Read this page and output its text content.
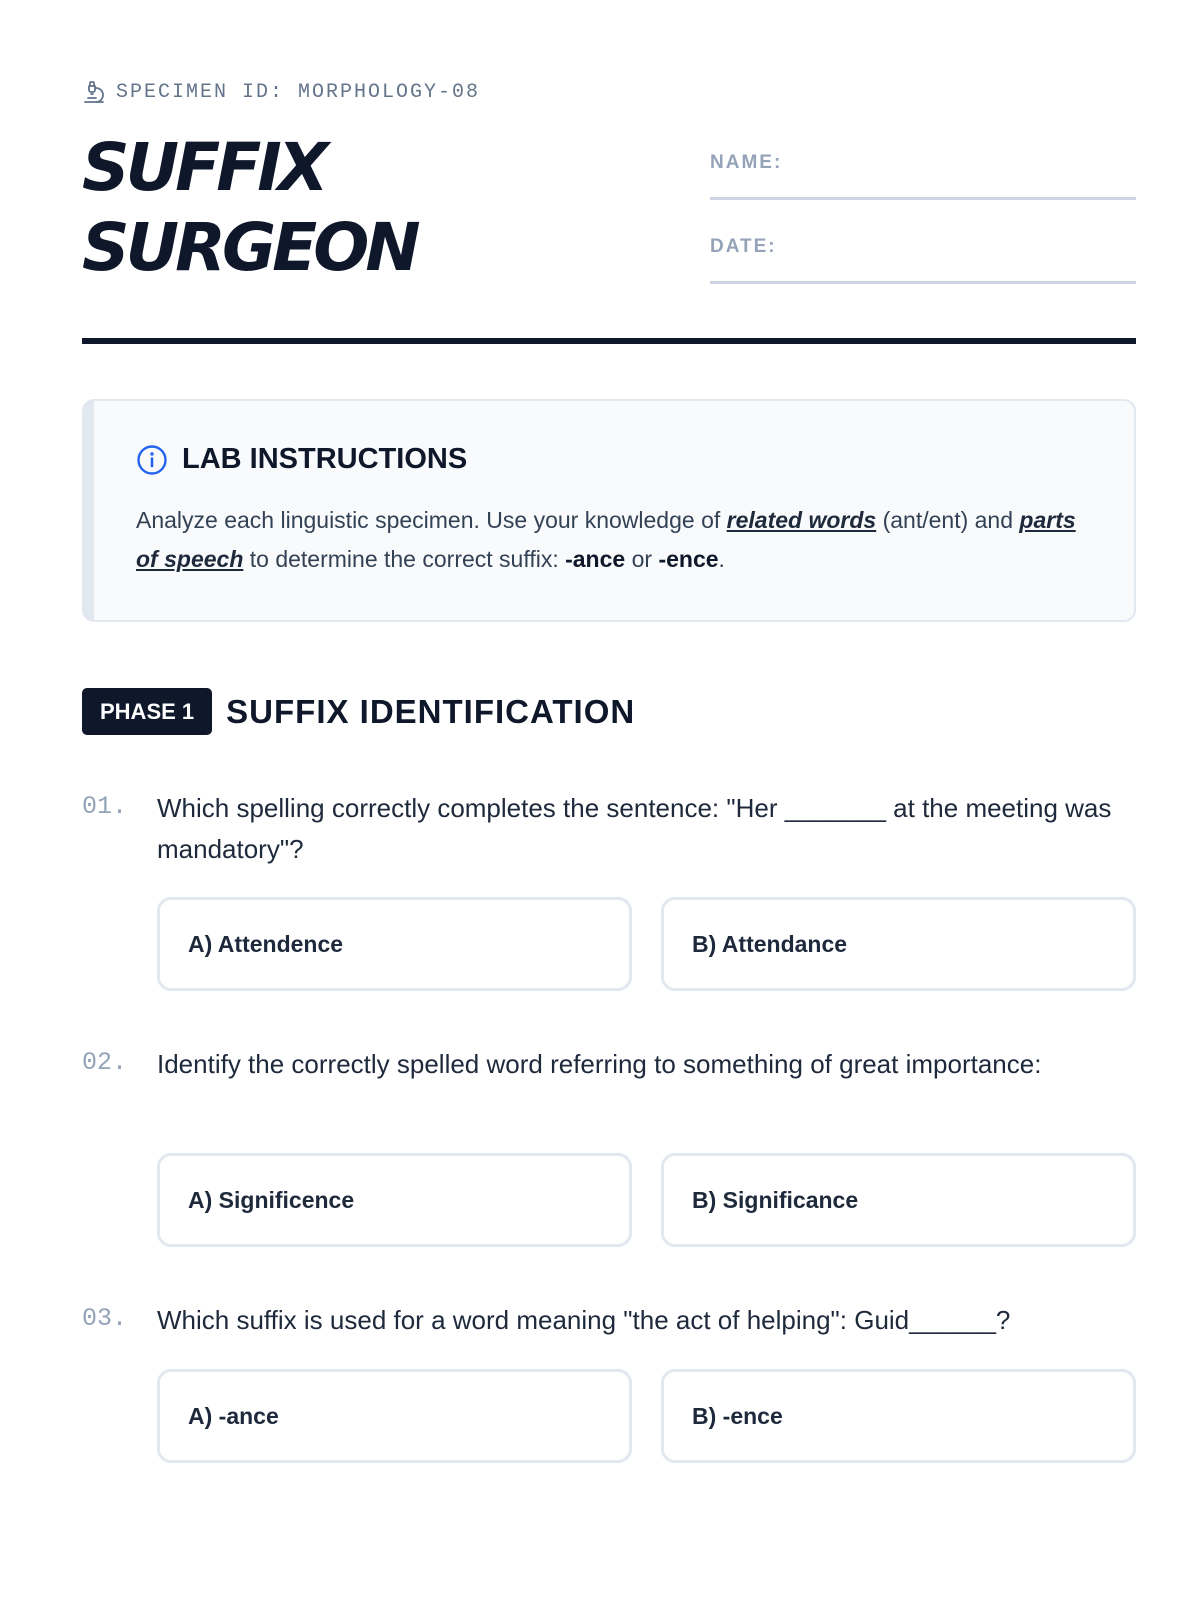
SPECIMEN ID: MORPHOLOGY-08
SUFFIX
SURGEON
NAME:
DATE:
LAB INSTRUCTIONS

Analyze each linguistic specimen. Use your knowledge of related words (ant/ent) and parts of speech to determine the correct suffix: -ance or -ence.

PHASE 1 SUFFIX IDENTIFICATION
01. Which spelling correctly completes the sentence: "Her _______ at the meeting was mandatory"?

A) Attendence	B) Attendance
02. Identify the correctly spelled word referring to something of great importance:

A) Significence	B) Significance
03. Which suffix is used for a word meaning "the act of helping": Guid______?

A) -ance	B) -ence
